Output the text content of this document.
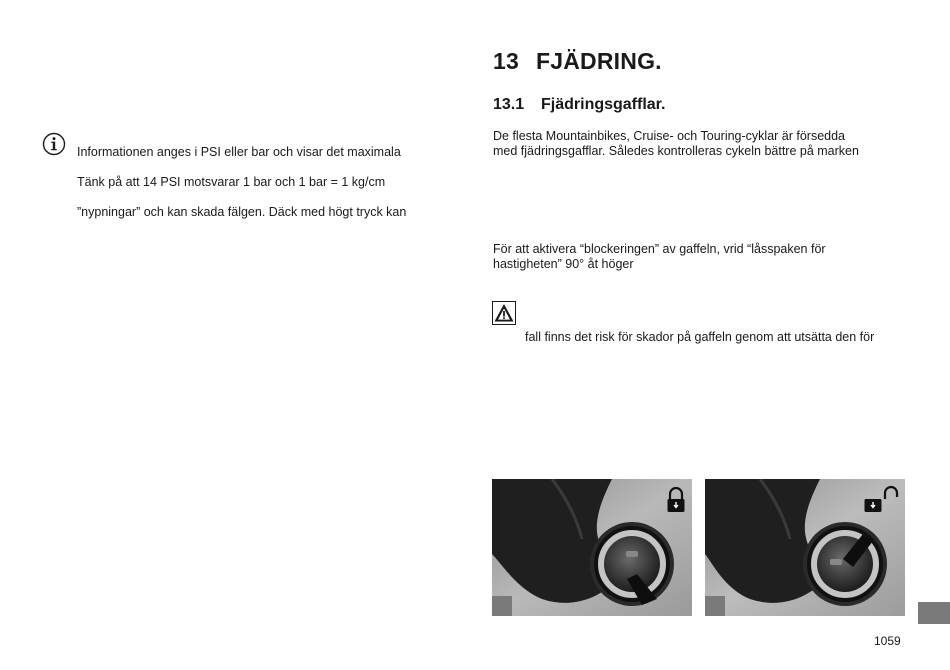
Informationen anges i PSI eller bar och visar det maximala
Tänk på att 14 PSI motsvarar 1 bar och 1 bar = 1 kg/cm
”nypningar” och kan skada fälgen. Däck med högt tryck kan
13 FJÄDRING.
13.1 Fjädringsgafflar.
De flesta Mountainbikes, Cruise- och Touring-cyklar är försedda
med fjädringsgafflar. Således kontrolleras cykeln bättre på marken
För att aktivera “blockeringen” av gaffeln, vrid “låsspaken för
hastigheten” 90° åt höger
fall finns det risk för skador på gaffeln genom att utsätta den för
1059
